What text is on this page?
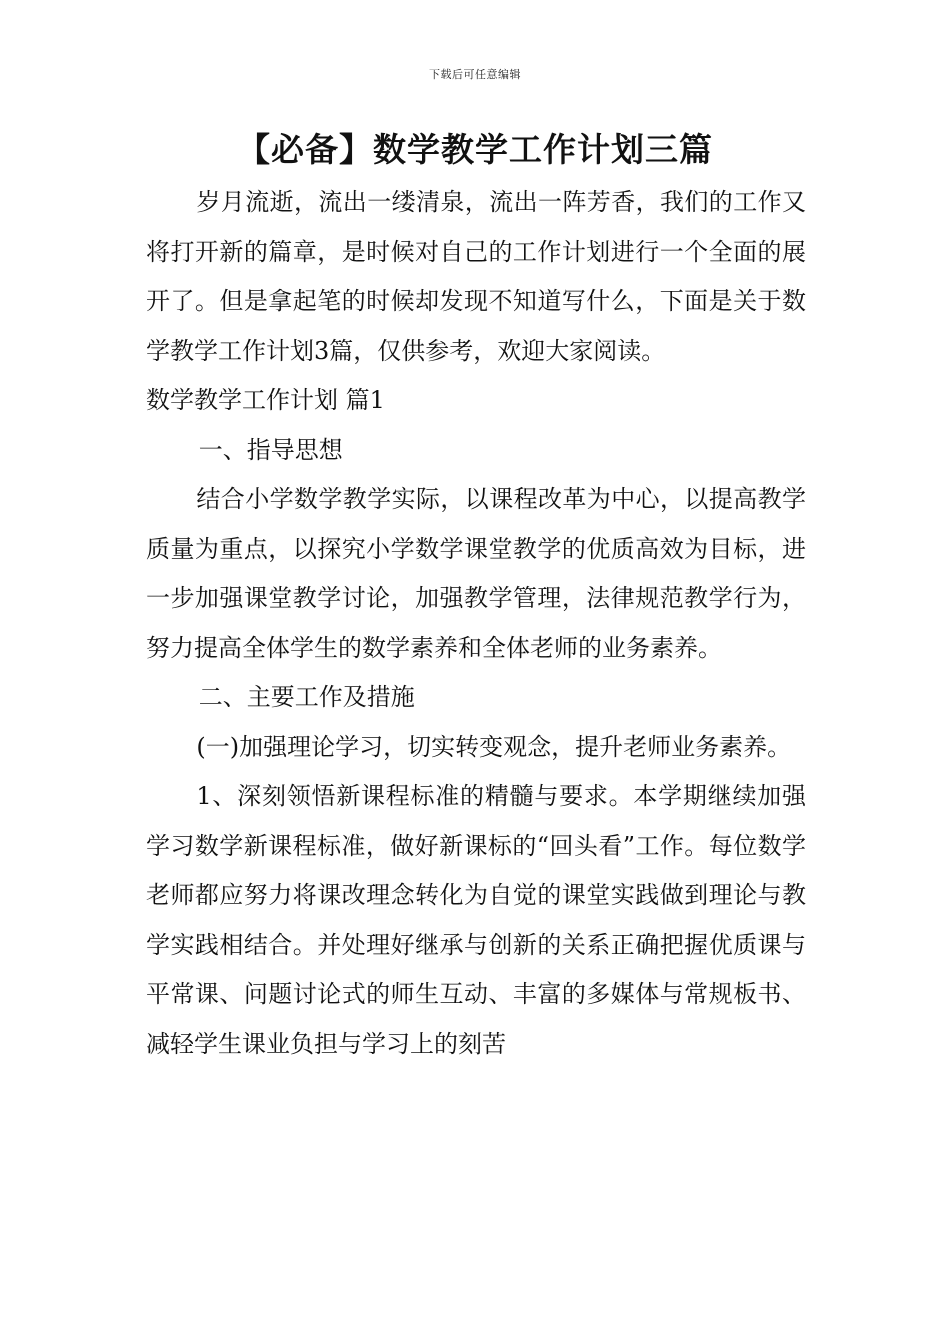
下载后可任意编辑
【必备】数学教学工作计划三篇

岁月流逝，流出一缕清泉，流出一阵芳香，我们的工作又将打开新的篇章，是时候对自己的工作计划进行一个全面的展开了。但是拿起笔的时候却发现不知道写什么，下面是关于数学教学工作计划3篇，仅供参考，欢迎大家阅读。

数学教学工作计划 篇1

一、指导思想

结合小学数学教学实际，以课程改革为中心，以提高教学质量为重点，以探究小学数学课堂教学的优质高效为目标，进一步加强课堂教学讨论，加强教学管理，法律规范教学行为，努力提高全体学生的数学素养和全体老师的业务素养。

二、主要工作及措施

(一)加强理论学习，切实转变观念，提升老师业务素养。

1、深刻领悟新课程标准的精髓与要求。本学期继续加强学习数学新课程标准，做好新课标的“回头看”工作。每位数学老师都应努力将课改理念转化为自觉的课堂实践做到理论与教学实践相结合。并处理好继承与创新的关系正确把握优质课与平常课、问题讨论式的师生互动、丰富的多媒体与常规板书、减轻学生课业负担与学习上的刻苦
